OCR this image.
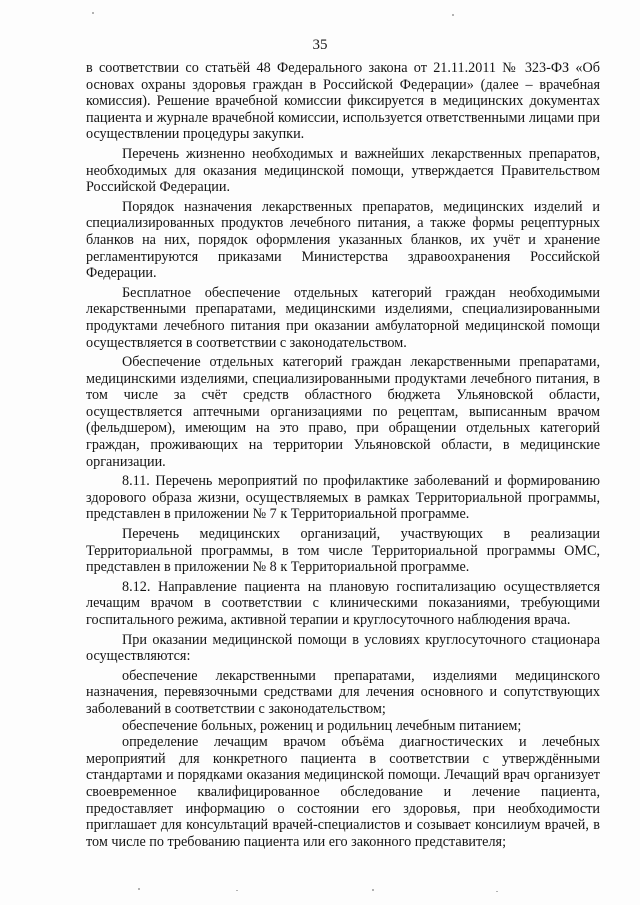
35

в соответствии со статьёй 48 Федерального закона от 21.11.2011 № 323-ФЗ «Об основах охраны здоровья граждан в Российской Федерации» (далее – врачебная комиссия). Решение врачебной комиссии фиксируется в медицинских документах пациента и журнале врачебной комиссии, используется ответственными лицами при осуществлении процедуры закупки.

Перечень жизненно необходимых и важнейших лекарственных препаратов, необходимых для оказания медицинской помощи, утверждается Правительством Российской Федерации.

Порядок назначения лекарственных препаратов, медицинских изделий и специализированных продуктов лечебного питания, а также формы рецептурных бланков на них, порядок оформления указанных бланков, их учёт и хранение регламентируются приказами Министерства здравоохранения Российской Федерации.

Бесплатное обеспечение отдельных категорий граждан необходимыми лекарственными препаратами, медицинскими изделиями, специализированными продуктами лечебного питания при оказании амбулаторной медицинской помощи осуществляется в соответствии с законодательством.

Обеспечение отдельных категорий граждан лекарственными препаратами, медицинскими изделиями, специализированными продуктами лечебного питания, в том числе за счёт средств областного бюджета Ульяновской области, осуществляется аптечными организациями по рецептам, выписанным врачом (фельдшером), имеющим на это право, при обращении отдельных категорий граждан, проживающих на территории Ульяновской области, в медицинские организации.

8.11. Перечень мероприятий по профилактике заболеваний и формированию здорового образа жизни, осуществляемых в рамках Территориальной программы, представлен в приложении № 7 к Территориальной программе.

Перечень медицинских организаций, участвующих в реализации Территориальной программы, в том числе Территориальной программы ОМС, представлен в приложении № 8 к Территориальной программе.

8.12. Направление пациента на плановую госпитализацию осуществляется лечащим врачом в соответствии с клиническими показаниями, требующими госпитального режима, активной терапии и круглосуточного наблюдения врача.

При оказании медицинской помощи в условиях круглосуточного стационара осуществляются:

обеспечение лекарственными препаратами, изделиями медицинского назначения, перевязочными средствами для лечения основного и сопутствующих заболеваний в соответствии с законодательством;

обеспечение больных, рожениц и родильниц лечебным питанием;

определение лечащим врачом объёма диагностических и лечебных мероприятий для конкретного пациента в соответствии с утверждёнными стандартами и порядками оказания медицинской помощи. Лечащий врач организует своевременное квалифицированное обследование и лечение пациента, предоставляет информацию о состоянии его здоровья, при необходимости приглашает для консультаций врачей-специалистов и созывает консилиум врачей, в том числе по требованию пациента или его законного представителя;
